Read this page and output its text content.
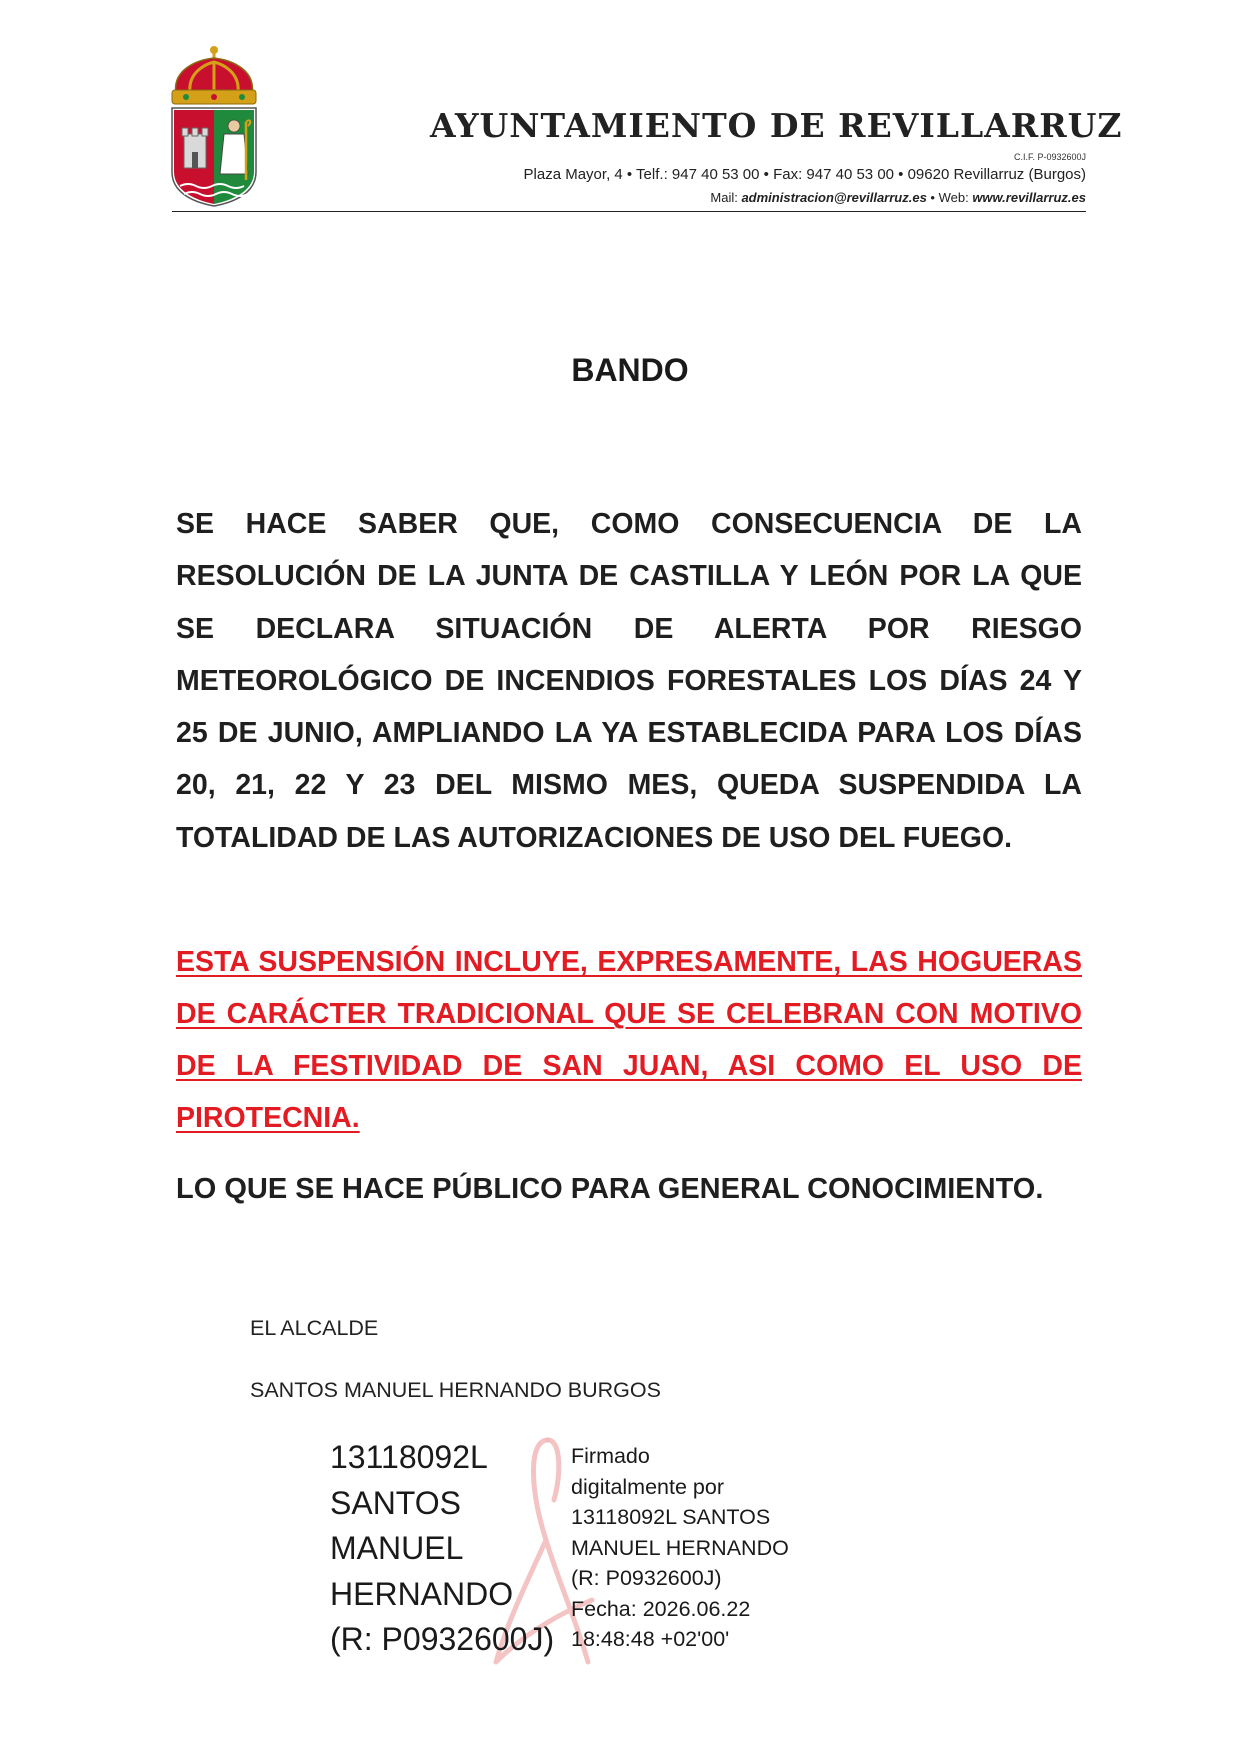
AYUNTAMIENTO DE REVILLARRUZ
C.I.F. P-0932600J
Plaza Mayor, 4 • Telf.: 947 40 53 00 • Fax: 947 40 53 00 • 09620 Revillarruz (Burgos)
Mail: administracion@revillarruz.es • Web: www.revillarruz.es
BANDO

SE HACE SABER QUE, COMO CONSECUENCIA DE LA RESOLUCIÓN DE LA JUNTA DE CASTILLA Y LEÓN POR LA QUE SE DECLARA SITUACIÓN DE ALERTA POR RIESGO METEOROLÓGICO DE INCENDIOS FORESTALES LOS DÍAS 24 Y 25 DE JUNIO, AMPLIANDO LA YA ESTABLECIDA PARA LOS DÍAS 20, 21, 22 Y 23 DEL MISMO MES, QUEDA SUSPENDIDA LA TOTALIDAD DE LAS AUTORIZACIONES DE USO DEL FUEGO.

ESTA SUSPENSIÓN INCLUYE, EXPRESAMENTE, LAS HOGUERAS DE CARÁCTER TRADICIONAL QUE SE CELEBRAN CON MOTIVO DE LA FESTIVIDAD DE SAN JUAN, ASI COMO EL USO DE PIROTECNIA.

LO QUE SE HACE PÚBLICO PARA GENERAL CONOCIMIENTO.

EL ALCALDE
SANTOS MANUEL HERNANDO BURGOS
13118092L
SANTOS
MANUEL
HERNANDO
(R: P0932600J)
Firmado
digitalmente por
13118092L SANTOS
MANUEL HERNANDO
(R: P0932600J)
Fecha: 2026.06.22
18:48:48 +02'00'
